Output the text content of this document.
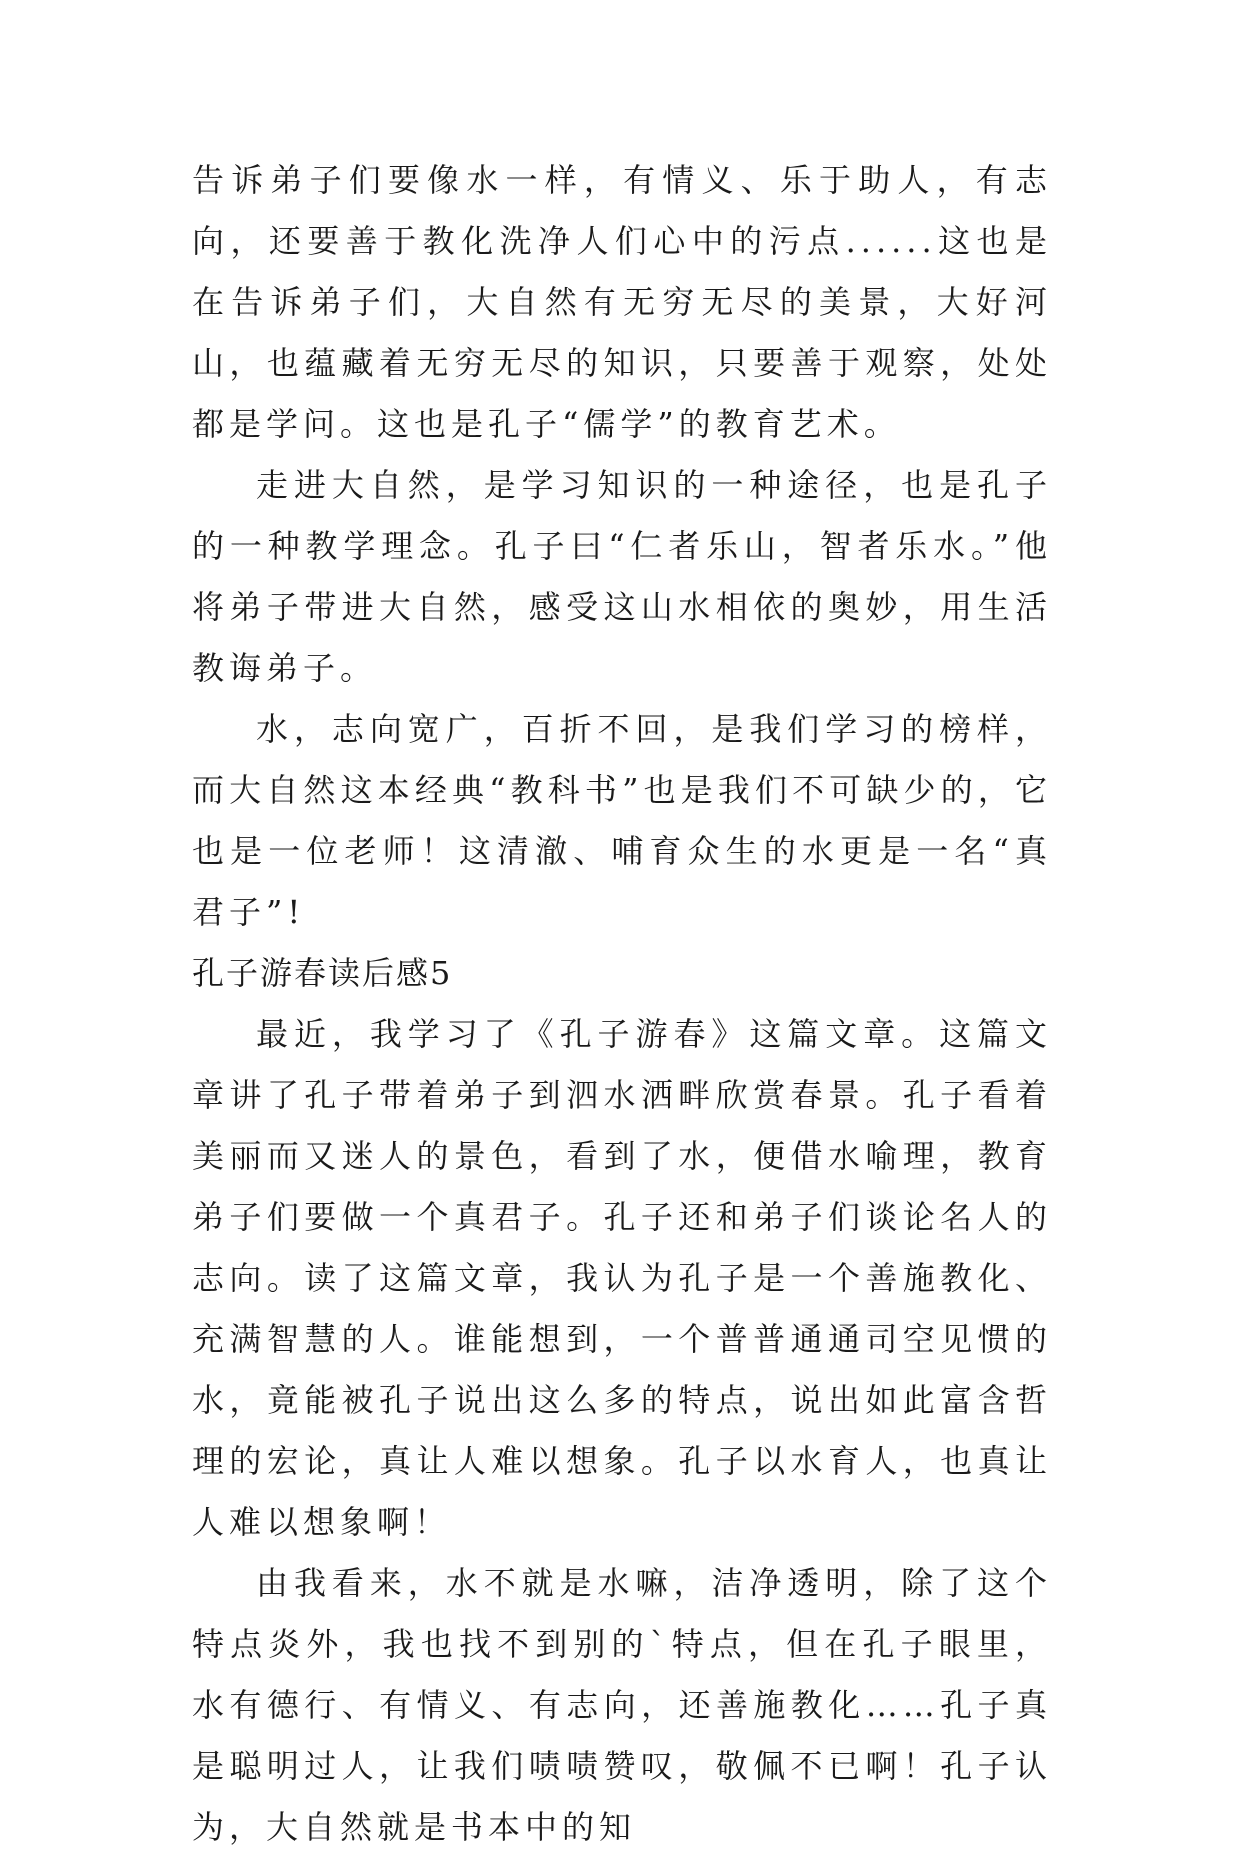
告诉弟子们要像水一样，有情义、乐于助人，有志向，还要善于教化洗净人们心中的污点......这也是在告诉弟子们，大自然有无穷无尽的美景，大好河山，也蕴藏着无穷无尽的知识，只要善于观察，处处都是学问。这也是孔子“儒学”的教育艺术。

走进大自然，是学习知识的一种途径，也是孔子的一种教学理念。孔子曰“仁者乐山，智者乐水。”他将弟子带进大自然，感受这山水相依的奥妙，用生活教诲弟子。

水，志向宽广，百折不回，是我们学习的榜样，而大自然这本经典“教科书”也是我们不可缺少的，它也是一位老师！这清澈、哺育众生的水更是一名“真君子”!

孔子游春读后感5

最近，我学习了《孔子游春》这篇文章。这篇文章讲了孔子带着弟子到泗水洒畔欣赏春景。孔子看着美丽而又迷人的景色，看到了水，便借水喻理，教育弟子们要做一个真君子。孔子还和弟子们谈论名人的志向。读了这篇文章，我认为孔子是一个善施教化、充满智慧的人。谁能想到，一个普普通通司空见惯的水，竟能被孔子说出这么多的特点，说出如此富含哲理的宏论，真让人难以想象。孔子以水育人，也真让人难以想象啊！

由我看来，水不就是水嘛，洁净透明，除了这个特点炎外，我也找不到别的`特点，但在孔子眼里，水有德行、有情义、有志向，还善施教化……孔子真是聪明过人，让我们啧啧赞叹，敬佩不已啊！孔子认为，大自然就是书本中的知
